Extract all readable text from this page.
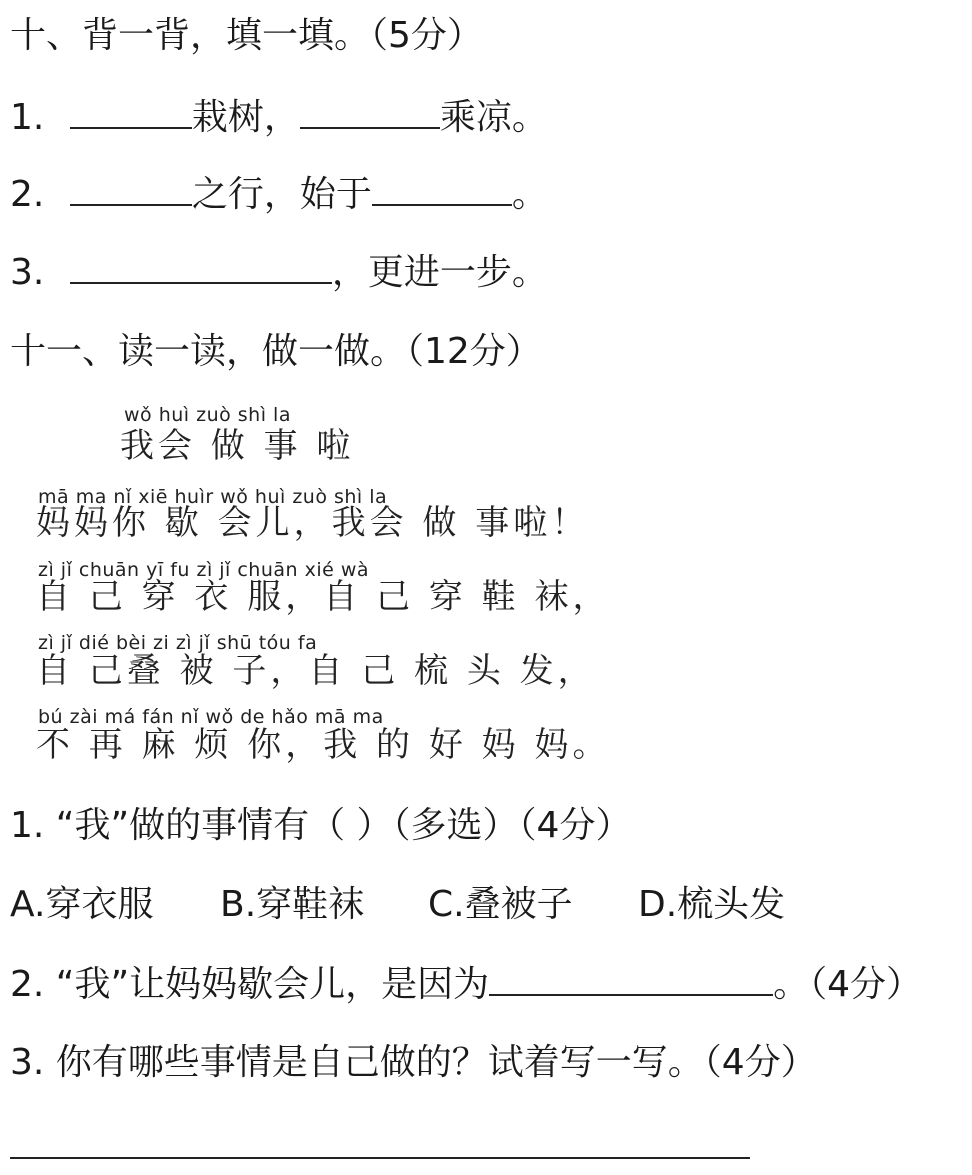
十、背一背，填一填。（5分）
1.	栽树，	乘凉。
2.	之行，始于	。
3.	，更进一步。
十一、读一读，做一做。（12分）
wǒ huì zuò shì la
我会 做 事 啦
mā ma nǐ xiē huìr wǒ huì zuò shì la
妈妈你 歇 会儿，我会 做 事啦！
zì jǐ chuān yī fu zì jǐ chuān xié wà
自 己 穿 衣 服，自 己 穿 鞋 袜，
zì jǐ dié bèi zi zì jǐ shū tóu fa
自 己叠 被 子，自 己 梳 头 发，
bú zài má fán nǐ wǒ de hǎo mā ma
不 再 麻 烦 你，我 的 好 妈 妈。
1. “我”做的事情有（ ）（多选）（4分）
A.穿衣服 B.穿鞋袜 C.叠被子 D.梳头发
2. “我”让妈妈歇会儿，是因为	。（4分）
3. 你有哪些事情是自己做的？试着写一写。（4分）
